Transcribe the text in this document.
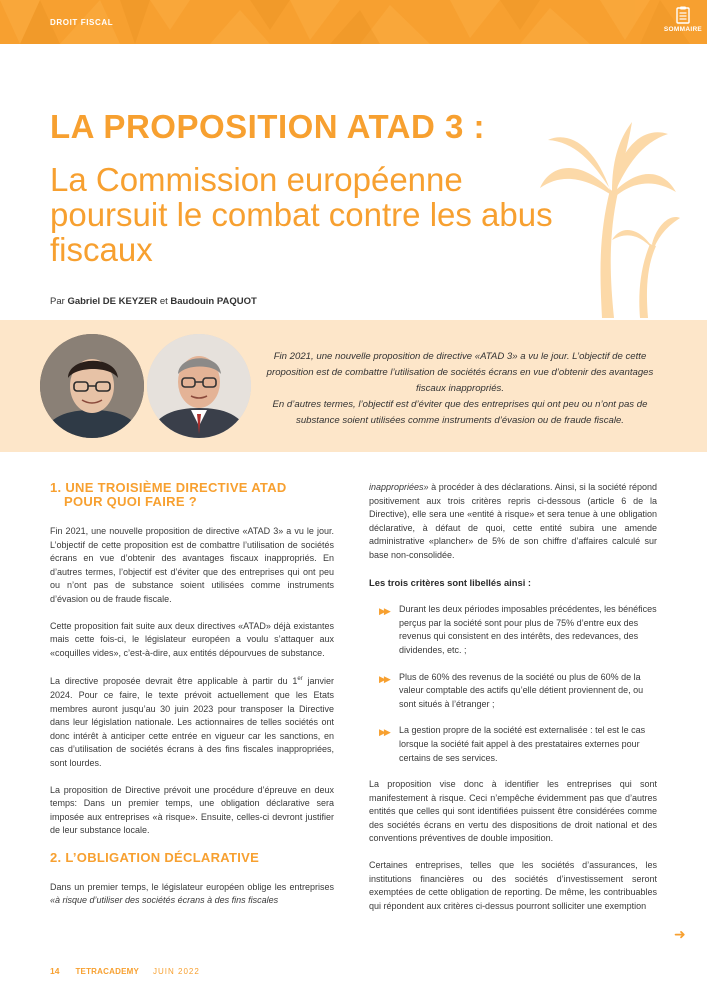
DROIT FISCAL
SOMMAIRE
LA PROPOSITION ATAD 3 :
La Commission européenne poursuit le combat contre les abus fiscaux
Par Gabriel DE KEYZER et Baudouin PAQUOT

Fin 2021, une nouvelle proposition de directive «ATAD 3» a vu le jour. L’objectif de cette proposition est de combattre l’utilisation de sociétés écrans en vue d’obtenir des avantages fiscaux inappropriés.

En d’autres termes, l’objectif est d’éviter que des entreprises qui ont peu ou n’ont pas de substance soient utilisées comme instruments d’évasion ou de fraude fiscale.

1. UNE TROISIÈME DIRECTIVE ATAD
POUR QUOI FAIRE ?

Fin 2021, une nouvelle proposition de directive «ATAD 3» a vu le jour. L’objectif de cette proposition est de combattre l’utilisation de sociétés écrans en vue d’obtenir des avantages fiscaux inappropriés. En d’autres termes, l’objectif est d’éviter que des entreprises qui ont peu ou n’ont pas de substance soient utilisées comme instruments d’évasion ou de fraude fiscale.

Cette proposition fait suite aux deux directives «ATAD» déjà existantes mais cette fois-ci, le législateur européen a voulu s’attaquer aux «coquilles vides», c’est-à-dire, aux entités dépourvues de substance.

La directive proposée devrait être applicable à partir du 1er janvier 2024. Pour ce faire, le texte prévoit actuellement que les Etats membres auront jusqu’au 30 juin 2023 pour transposer la Directive dans leur législation nationale. Les actionnaires de telles sociétés ont donc intérêt à anticiper cette entrée en vigueur car les sanctions, en cas d’utilisation de sociétés écrans à des fins fiscales inappropriées, sont lourdes.

La proposition de Directive prévoit une procédure d’épreuve en deux temps: Dans un premier temps, une obligation déclarative sera imposée aux entreprises «à risque». Ensuite, celles-ci devront justifier de leur substance locale.

2. L’OBLIGATION DÉCLARATIVE

Dans un premier temps, le législateur européen oblige les entreprises «à risque d’utiliser des sociétés écrans à des fins fiscales

inappropriées» à procéder à des déclarations. Ainsi, si la société répond positivement aux trois critères repris ci-dessous (article 6 de la Directive), elle sera une «entité à risque» et sera tenue à une obligation déclarative, à défaut de quoi, cette entité subira une amende administrative «plancher» de 5% de son chiffre d’affaires calculé sur base non-consolidée.

Les trois critères sont libellés ainsi :
▶▶ Durant les deux périodes imposables précédentes, les bénéfices perçus par la société sont pour plus de 75% d’entre eux des revenus qui consistent en des intérêts, des redevances, des dividendes, etc. ;
▶▶ Plus de 60% des revenus de la société ou plus de 60% de la valeur comptable des actifs qu’elle détient proviennent de, ou sont situés à l’étranger ;
▶▶ La gestion propre de la société est externalisée : tel est le cas lorsque la société fait appel à des prestataires externes pour certains de ses services.

La proposition vise donc à identifier les entreprises qui sont manifestement à risque. Ceci n’empêche évidemment pas que d’autres entités que celles qui sont identifiées puissent être considérées comme des sociétés écrans en vertu des dispositions de droit national et des conventions préventives de double imposition.

Certaines entreprises, telles que les sociétés d’assurances, les institutions financières ou des sociétés d’investissement seront exemptées de cette obligation de reporting. De même, les contribuables qui répondent aux critères ci-dessus pourront solliciter une exemption

➜
14 TETRACADEMY JUIN 2022
